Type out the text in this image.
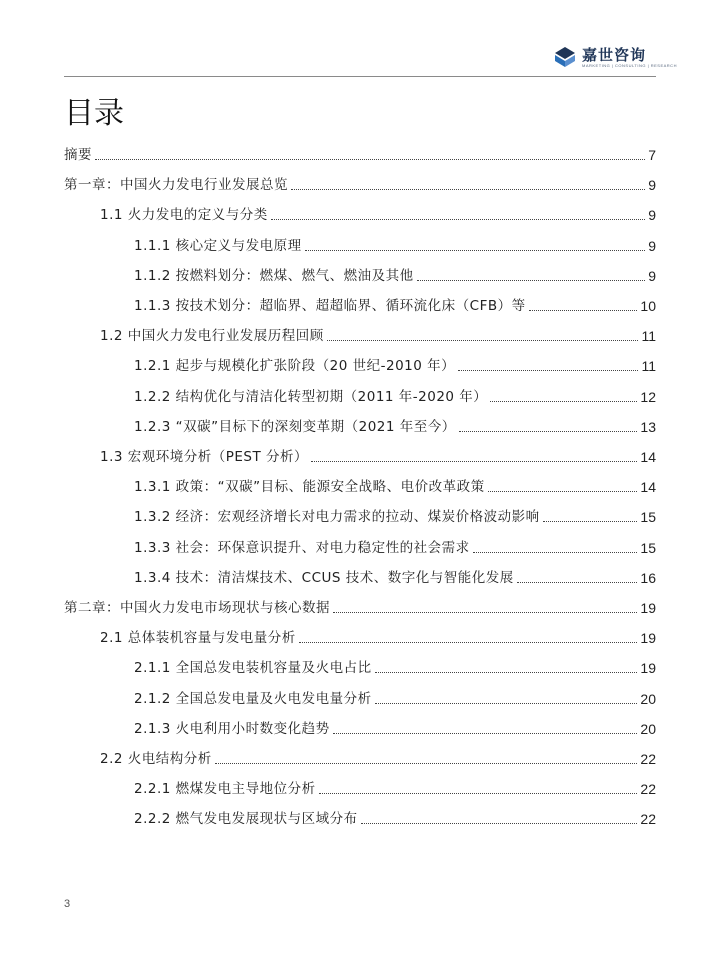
嘉世咨询
MARKETING | CONSULTING | RESEARCH
目录
摘要	7
第一章：中国火力发电行业发展总览	9
1.1 火力发电的定义与分类	9
1.1.1 核心定义与发电原理	9
1.1.2 按燃料划分：燃煤、燃气、燃油及其他	9
1.1.3 按技术划分：超临界、超超临界、循环流化床（CFB）等	10
1.2 中国火力发电行业发展历程回顾	11
1.2.1 起步与规模化扩张阶段（20 世纪-2010 年）	11
1.2.2 结构优化与清洁化转型初期（2011 年-2020 年）	12
1.2.3 “双碳”目标下的深刻变革期（2021 年至今）	13
1.3 宏观环境分析（PEST 分析）	14
1.3.1 政策：“双碳”目标、能源安全战略、电价改革政策	14
1.3.2 经济：宏观经济增长对电力需求的拉动、煤炭价格波动影响	15
1.3.3 社会：环保意识提升、对电力稳定性的社会需求	15
1.3.4 技术：清洁煤技术、CCUS 技术、数字化与智能化发展	16
第二章：中国火力发电市场现状与核心数据	19
2.1 总体装机容量与发电量分析	19
2.1.1 全国总发电装机容量及火电占比	19
2.1.2 全国总发电量及火电发电量分析	20
2.1.3 火电利用小时数变化趋势	20
2.2 火电结构分析	22
2.2.1 燃煤发电主导地位分析	22
2.2.2 燃气发电发展现状与区域分布	22
3
